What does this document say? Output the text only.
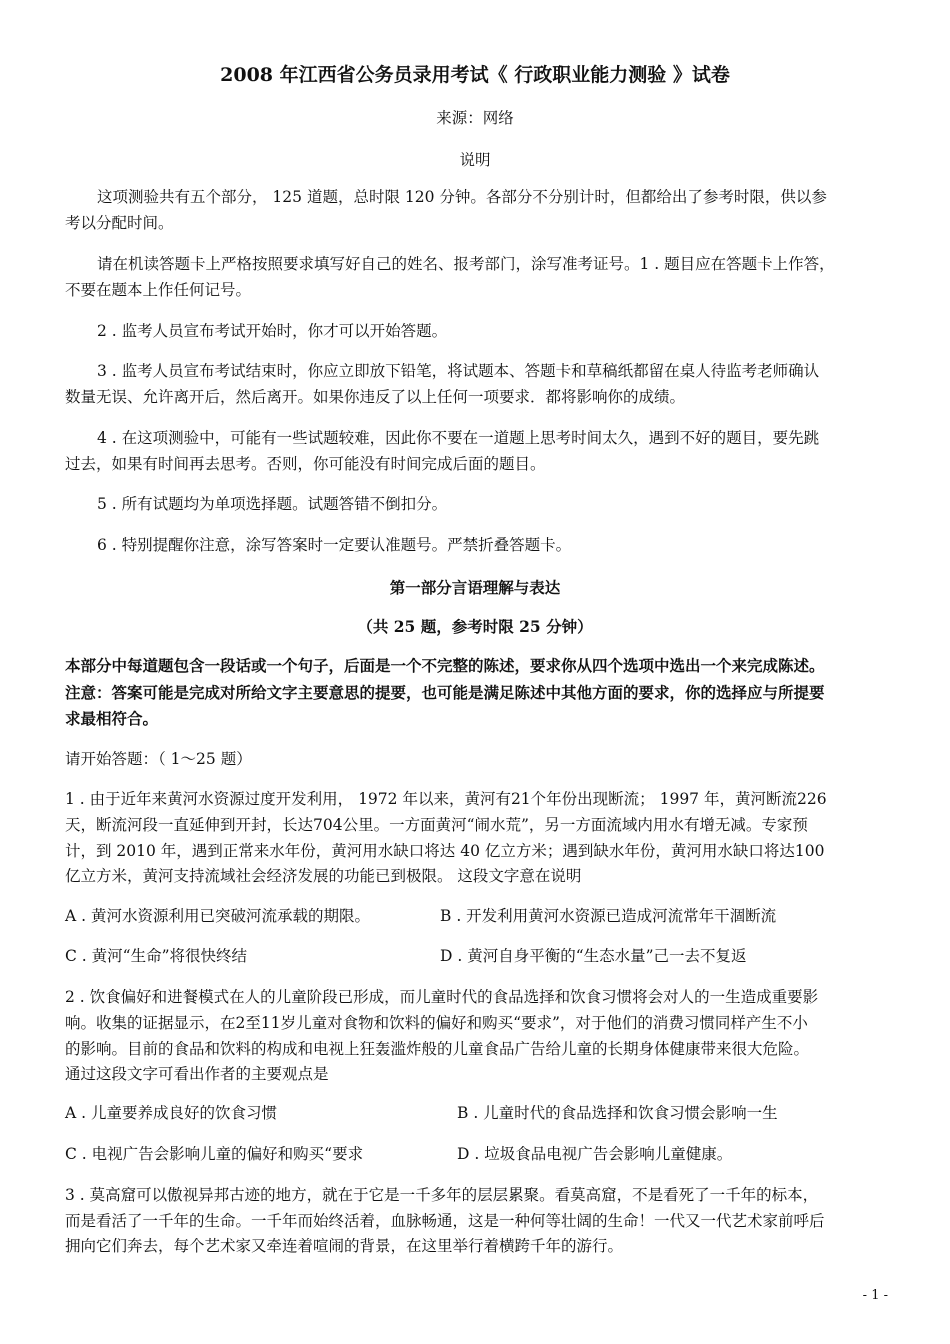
2008 年江西省公务员录用考试《 行政职业能力测验 》试卷
来源：网络
说明
这项测验共有五个部分， 125 道题，总时限 120 分钟。各部分不分别计时，但都给出了参考时限，供以参
考以分配时间。
请在机读答题卡上严格按照要求填写好自己的姓名、报考部门，涂写准考证号。1 . 题目应在答题卡上作答，
不要在题本上作任何记号。
2 . 监考人员宣布考试开始时，你才可以开始答题。
3 . 监考人员宣布考试结束时，你应立即放下铅笔，将试题本、答题卡和草稿纸都留在桌人待监考老师确认
数量无误、允许离开后，然后离开。如果你违反了以上任何一项要求．都将影响你的成绩。
4 . 在这项测验中，可能有一些试题较难，因此你不要在一道题上思考时间太久，遇到不好的题目，要先跳
过去，如果有时间再去思考。否则，你可能没有时间完成后面的题目。
5 . 所有试题均为单项选择题。试题答错不倒扣分。
6 . 特别提醒你注意，涂写答案时一定要认准题号。严禁折叠答题卡。
第一部分言语理解与表达
（共 25 题，参考时限 25 分钟）
本部分中每道题包含一段话或一个句子，后面是一个不完整的陈述，要求你从四个选项中选出一个来完成陈述。
注意：答案可能是完成对所给文字主要意思的提要，也可能是满足陈述中其他方面的要求，你的选择应与所提要
求最相符合。
请开始答题：（ 1～25 题）
1 . 由于近年来黄河水资源过度开发利用， 1972 年以来，黄河有21个年份出现断流； 1997 年，黄河断流226
天，断流河段一直延伸到开封，长达704公里。一方面黄河“闹水荒”，另一方面流域内用水有增无减。专家预
计，到 2010 年，遇到正常来水年份，黄河用水缺口将达 40 亿立方米；遇到缺水年份，黄河用水缺口将达100
亿立方米，黄河支持流域社会经济发展的功能已到极限。 这段文字意在说明
A . 黄河水资源利用已突破河流承载的期限。	B . 开发利用黄河水资源已造成河流常年干涸断流
C . 黄河“生命”将很快终结	D . 黄河自身平衡的“生态水量”己一去不复返
2 . 饮食偏好和进餐模式在人的儿童阶段已形成，而儿童时代的食品选择和饮食习惯将会对人的一生造成重要影
响。收集的证据显示，在2至11岁儿童对食物和饮料的偏好和购买“要求”，对于他们的消费习惯同样产生不小
的影响。目前的食品和饮料的构成和电视上狂轰滥炸般的儿童食品广告给儿童的长期身体健康带来很大危险。
通过这段文字可看出作者的主要观点是
A . 儿童要养成良好的饮食习惯	B . 儿童时代的食品选择和饮食习惯会影响一生
C . 电视广告会影响儿童的偏好和购买“要求	D . 垃圾食品电视广告会影响儿童健康。
3 . 莫高窟可以傲视异邦古迹的地方，就在于它是一千多年的层层累聚。看莫高窟，不是看死了一千年的标本，
而是看活了一千年的生命。一千年而始终活着，血脉畅通，这是一种何等壮阔的生命！一代又一代艺术家前呼后
拥向它们奔去，每个艺术家又牵连着喧闹的背景，在这里举行着横跨千年的游行。
- 1 -
